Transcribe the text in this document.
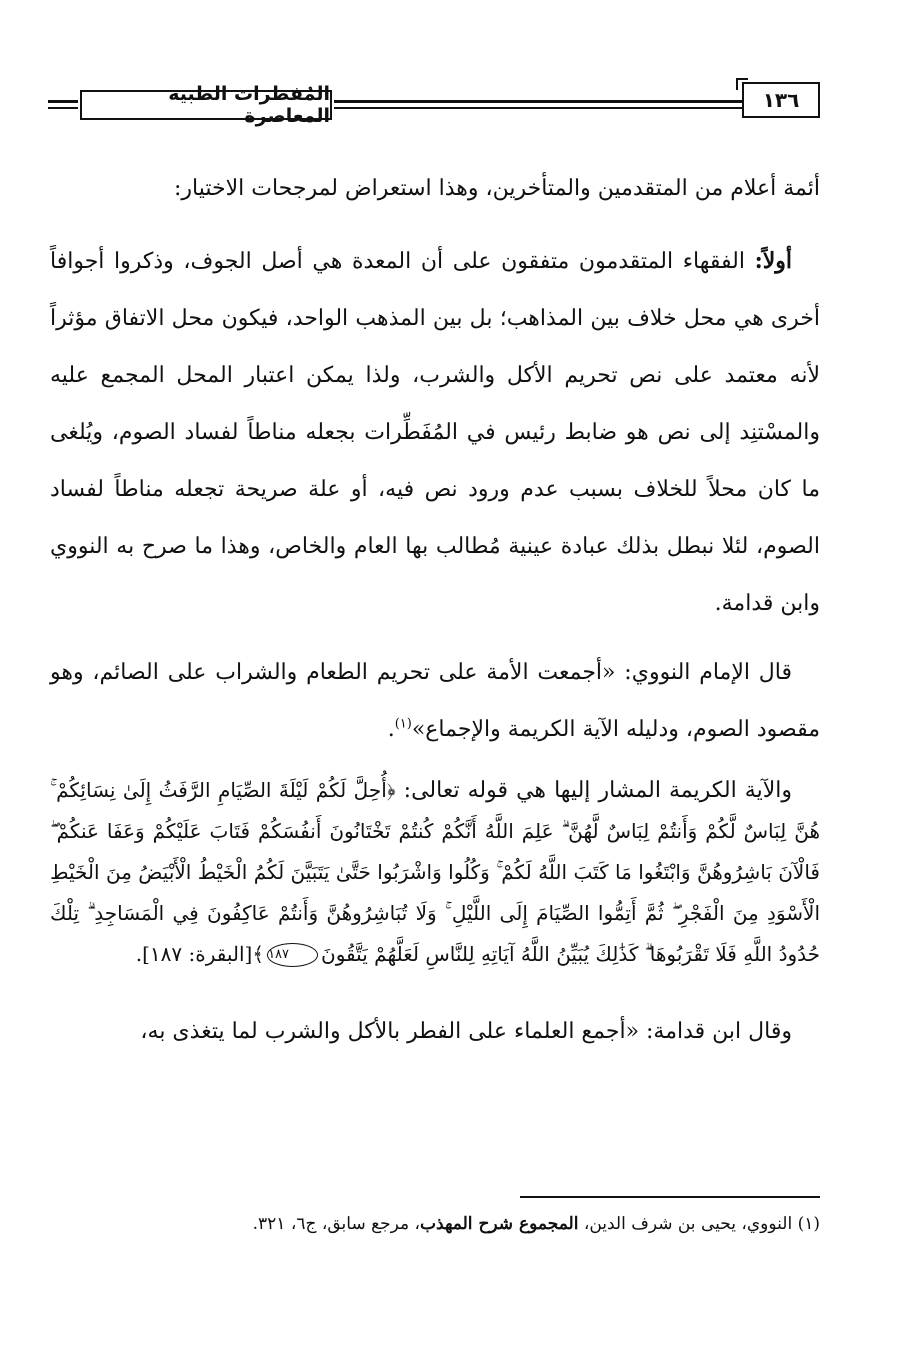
المُفطرات الطبية المعاصرة
١٣٦

أئمة أعلام من المتقدمين والمتأخرين، وهذا استعراض لمرجحات الاختيار:

أولاً: الفقهاء المتقدمون متفقون على أن المعدة هي أصل الجوف، وذكروا أجوافاً أخرى هي محل خلاف بين المذاهب؛ بل بين المذهب الواحد، فيكون محل الاتفاق مؤثراً لأنه معتمد على نص تحريم الأكل والشرب، ولذا يمكن اعتبار المحل المجمع عليه والمسْتنِد إلى نص هو ضابط رئيس في المُفَطِّرات بجعله مناطاً لفساد الصوم، ويُلغى ما كان محلاً للخلاف بسبب عدم ورود نص فيه، أو علة صريحة تجعله مناطاً لفساد الصوم، لئلا نبطل بذلك عبادة عينية مُطالب بها العام والخاص، وهذا ما صرح به النووي وابن قدامة.

قال الإمام النووي: «أجمعت الأمة على تحريم الطعام والشراب على الصائم، وهو مقصود الصوم، ودليله الآية الكريمة والإجماع»$^{(١)}$.

والآية الكريمة المشار إليها هي قوله تعالى: ﴿أُحِلَّ لَكُمْ لَيْلَةَ الصِّيَامِ الرَّفَثُ إِلَىٰ نِسَائِكُمْ ۚ هُنَّ لِبَاسٌ لَّكُمْ وَأَنتُمْ لِبَاسٌ لَّهُنَّ ۗ عَلِمَ اللَّهُ أَنَّكُمْ كُنتُمْ تَخْتَانُونَ أَنفُسَكُمْ فَتَابَ عَلَيْكُمْ وَعَفَا عَنكُمْ ۖ فَالْآنَ بَاشِرُوهُنَّ وَابْتَغُوا مَا كَتَبَ اللَّهُ لَكُمْ ۚ وَكُلُوا وَاشْرَبُوا حَتَّىٰ يَتَبَيَّنَ لَكُمُ الْخَيْطُ الْأَبْيَضُ مِنَ الْخَيْطِ الْأَسْوَدِ مِنَ الْفَجْرِ ۖ ثُمَّ أَتِمُّوا الصِّيَامَ إِلَى اللَّيْلِ ۚ وَلَا تُبَاشِرُوهُنَّ وَأَنتُمْ عَاكِفُونَ فِي الْمَسَاجِدِ ۗ تِلْكَ حُدُودُ اللَّهِ فَلَا تَقْرَبُوهَا ۗ كَذَٰلِكَ يُبَيِّنُ اللَّهُ آيَاتِهِ لِلنَّاسِ لَعَلَّهُمْ يَتَّقُونَ١٨٧﴾[البقرة: ١٨٧].

وقال ابن قدامة: «أجمع العلماء على الفطر بالأكل والشرب لما يتغذى به،

(١) النووي، يحيى بن شرف الدين، المجموع شرح المهذب، مرجع سابق، ج٦، ٣٢١.
